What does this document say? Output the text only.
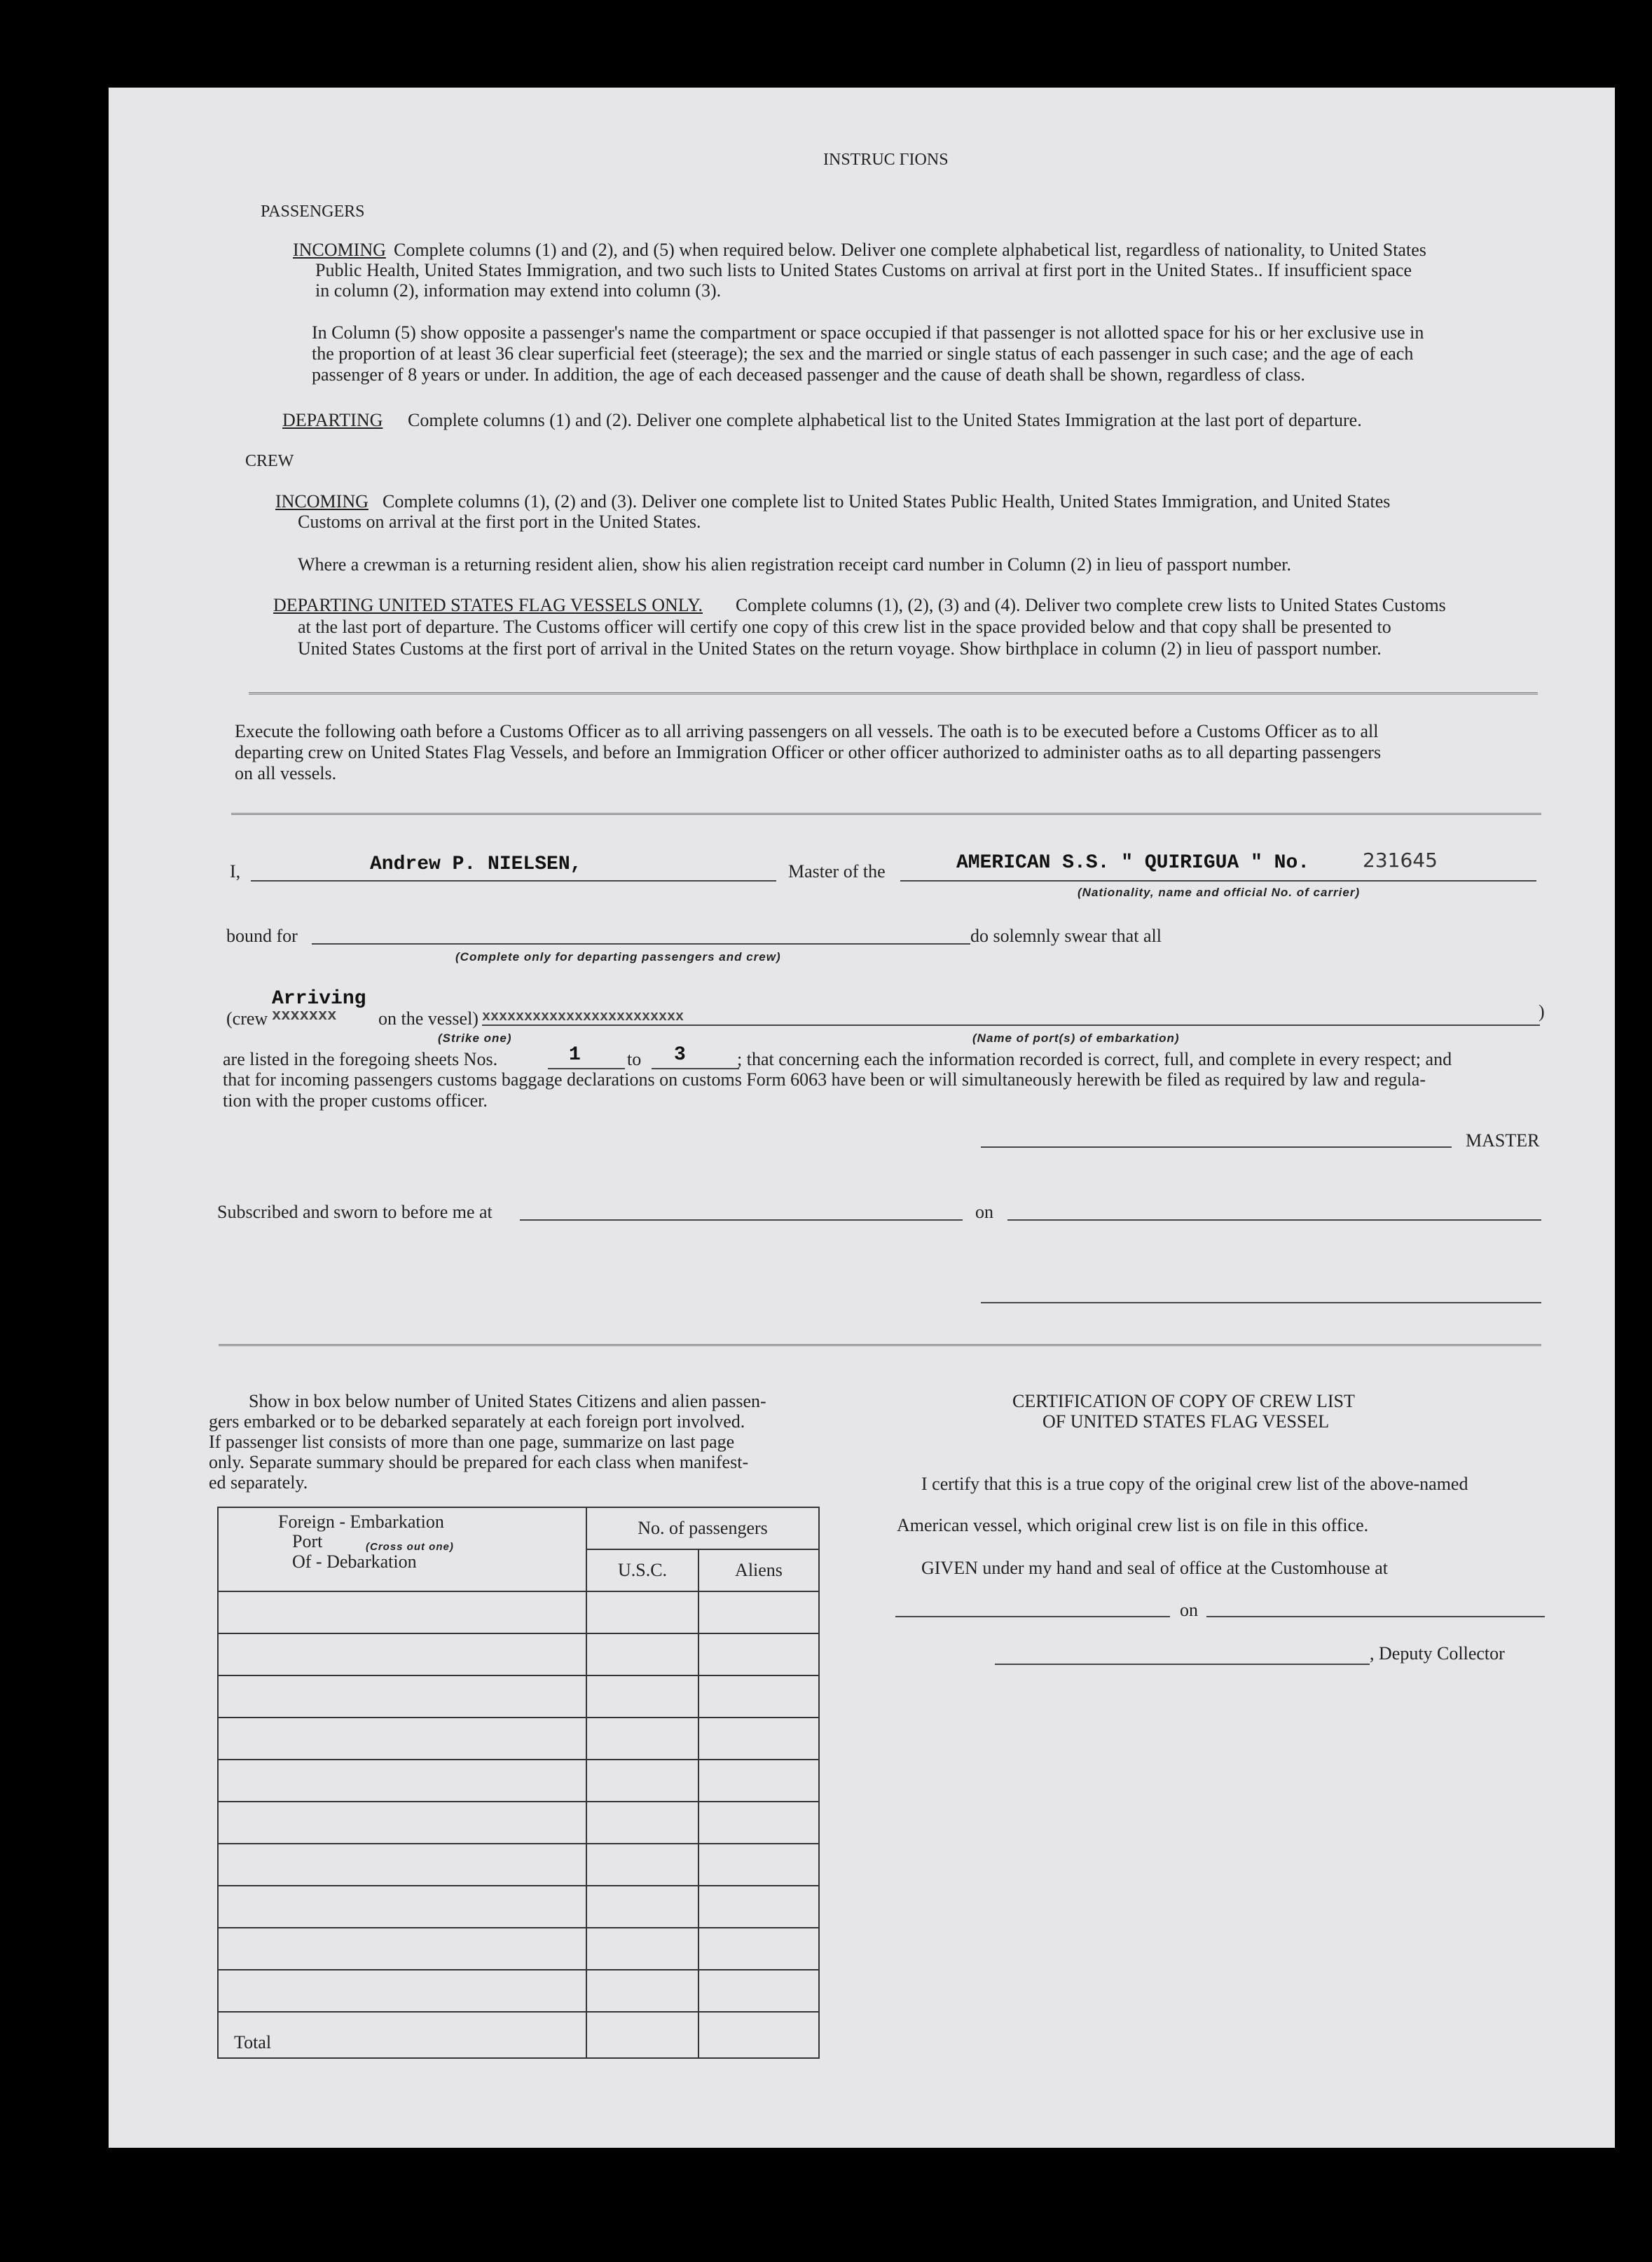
INSTRUC ΓIONS
PASSENGERS
INCOMING Complete columns (1) and (2), and (5) when required below. Deliver one complete alphabetical list, regardless of nationality, to United States
Public Health, United States Immigration, and two such lists to United States Customs on arrival at first port in the United States.. If insufficient space
in column (2), information may extend into column (3).
In Column (5) show opposite a passenger's name the compartment or space occupied if that passenger is not allotted space for his or her exclusive use in
the proportion of at least 36 clear superficial feet (steerage); the sex and the married or single status of each passenger in such case; and the age of each
passenger of 8 years or under. In addition, the age of each deceased passenger and the cause of death shall be shown, regardless of class.
DEPARTING Complete columns (1) and (2). Deliver one complete alphabetical list to the United States Immigration at the last port of departure.
CREW
INCOMING Complete columns (1), (2) and (3). Deliver one complete list to United States Public Health, United States Immigration, and United States
Customs on arrival at the first port in the United States.
Where a crewman is a returning resident alien, show his alien registration receipt card number in Column (2) in lieu of passport number.
DEPARTING UNITED STATES FLAG VESSELS ONLY. Complete columns (1), (2), (3) and (4). Deliver two complete crew lists to United States Customs
at the last port of departure. The Customs officer will certify one copy of this crew list in the space provided below and that copy shall be presented to
United States Customs at the first port of arrival in the United States on the return voyage. Show birthplace in column (2) in lieu of passport number.
Execute the following oath before a Customs Officer as to all arriving passengers on all vessels. The oath is to be executed before a Customs Officer as to all
departing crew on United States Flag Vessels, and before an Immigration Officer or other officer authorized to administer oaths as to all departing passengers
on all vessels.
I,	Andrew P. NIELSEN,	Master of the	AMERICAN S.S. " QUIRIGUA " No.	231645
(Nationality, name and official No. of carrier)
bound for
(Complete only for departing passengers and crew)
do solemnly swear that all
Arriving
(crew xxxxxxx on the vessel)
(Strike one)
xxxxxxxxxxxxxxxxxxxxxxxx
(Name of port(s) of embarkation)
)
are listed in the foregoing sheets Nos.	1	to 3	; that concerning each the information recorded is correct, full, and complete in every respect; and
that for incoming passengers customs baggage declarations on customs Form 6063 have been or will simultaneously herewith be filed as required by law and regula-
tion with the proper customs officer.
MASTER
Subscribed and sworn to before me at	on
Show in box below number of United States Citizens and alien passen-
gers embarked or to be debarked separately at each foreign port involved.
If passenger list consists of more than one page, summarize on last page
only. Separate summary should be prepared for each class when manifest-
ed separately.
Foreign - Embarkation
Port (Cross out one)
Of - Debarkation	No. of passengers	
	U.S.C.	Aliens

Total		
CERTIFICATION OF COPY OF CREW LIST
OF UNITED STATES FLAG VESSEL
I certify that this is a true copy of the original crew list of the above-named
American vessel, which original crew list is on file in this office.
GIVEN under my hand and seal of office at the Customhouse at
on
, Deputy Collector
